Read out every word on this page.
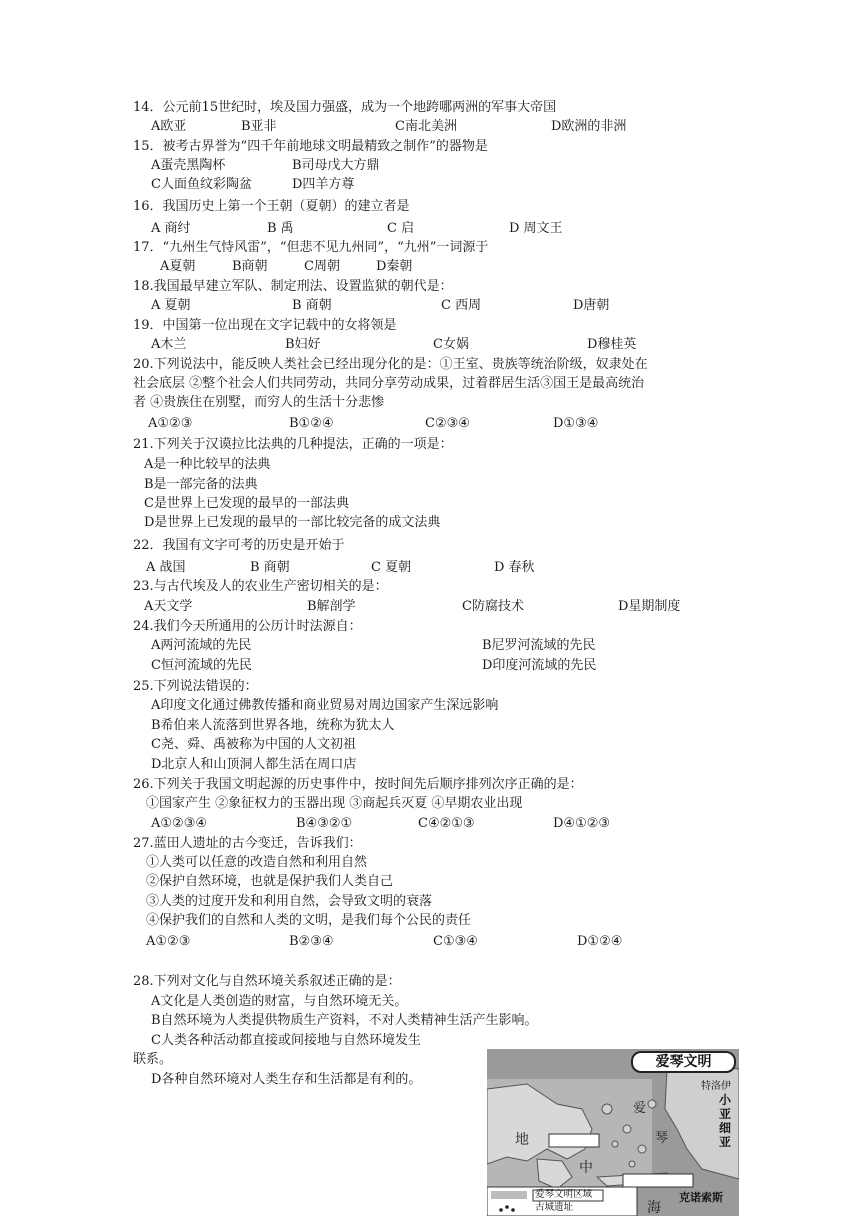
14．公元前15世纪时，埃及国力强盛，成为一个地跨哪两洲的军事大帝国
A欧亚	B亚非	C南北美洲	D欧洲的非洲
15．被考古界誉为“四千年前地球文明最精致之制作”的器物是
A蛋壳黑陶杯	B司母戊大方鼎
C人面鱼纹彩陶盆	D四羊方尊
16．我国历史上第一个王朝（夏朝）的建立者是
A 商纣	B 禹	C 启	D 周文王
17．“九州生气恃风雷”，“但悲不见九州同”，“九州”一词源于
A夏朝	B商朝	C周朝	D秦朝
18.我国最早建立军队、制定刑法、设置监狱的朝代是：
A 夏朝	B 商朝	C 西周	D唐朝
19．中国第一位出现在文字记载中的女将领是
A木兰	B妇好	C女娲	D穆桂英
20.下列说法中，能反映人类社会已经出现分化的是：①王室、贵族等统治阶级，奴隶处在
社会底层 ②整个社会人们共同劳动，共同分享劳动成果，过着群居生活③国王是最高统治
者 ④贵族住在别墅，而穷人的生活十分悲惨
A①②③	B①②④	C②③④	D①③④
21.下列关于汉谟拉比法典的几种提法，正确的一项是：
A是一种比较早的法典
B是一部完备的法典
C是世界上已发现的最早的一部法典
D是世界上已发现的最早的一部比较完备的成文法典
22．我国有文字可考的历史是开始于
A 战国	B 商朝	C 夏朝	D 春秋
23.与古代埃及人的农业生产密切相关的是：
A天文学	B解剖学	C防腐技术	D星期制度
24.我们今天所通用的公历计时法源自：
A两河流域的先民	B尼罗河流域的先民
C恒河流域的先民	D印度河流域的先民
25.下列说法错误的：
A印度文化通过佛教传播和商业贸易对周边国家产生深远影响
B希伯来人流落到世界各地，统称为犹太人
C尧、舜、禹被称为中国的人文初祖
D北京人和山顶洞人都生活在周口店
26.下列关于我国文明起源的历史事件中，按时间先后顺序排列次序正确的是：
①国家产生 ②象征权力的玉器出现 ③商起兵灭夏 ④早期农业出现
A①②③④	B④③②①	C④②①③	D④①②③
27.蓝田人遗址的古今变迁，告诉我们：
①人类可以任意的改造自然和利用自然
②保护自然环境，也就是保护我们人类自己
③人类的过度开发和利用自然，会导致文明的衰落
④保护我们的自然和人类的文明，是我们每个公民的责任
A①②③	B②③④	C①③④	D①②④
28.下列对文化与自然环境关系叙述正确的是：
A文化是人类创造的财富，与自然环境无关。
B自然环境为人类提供物质生产资料，不对人类精神生活产生影响。
C人类各种活动都直接或间接地与自然环境发生
联系。
D各种自然环境对人类生存和生活都是有利的。
爱琴文明
特洛伊
小亚细亚
爱
琴
地
中
海
克诺索斯
爱琴文明区域
古城遗址
